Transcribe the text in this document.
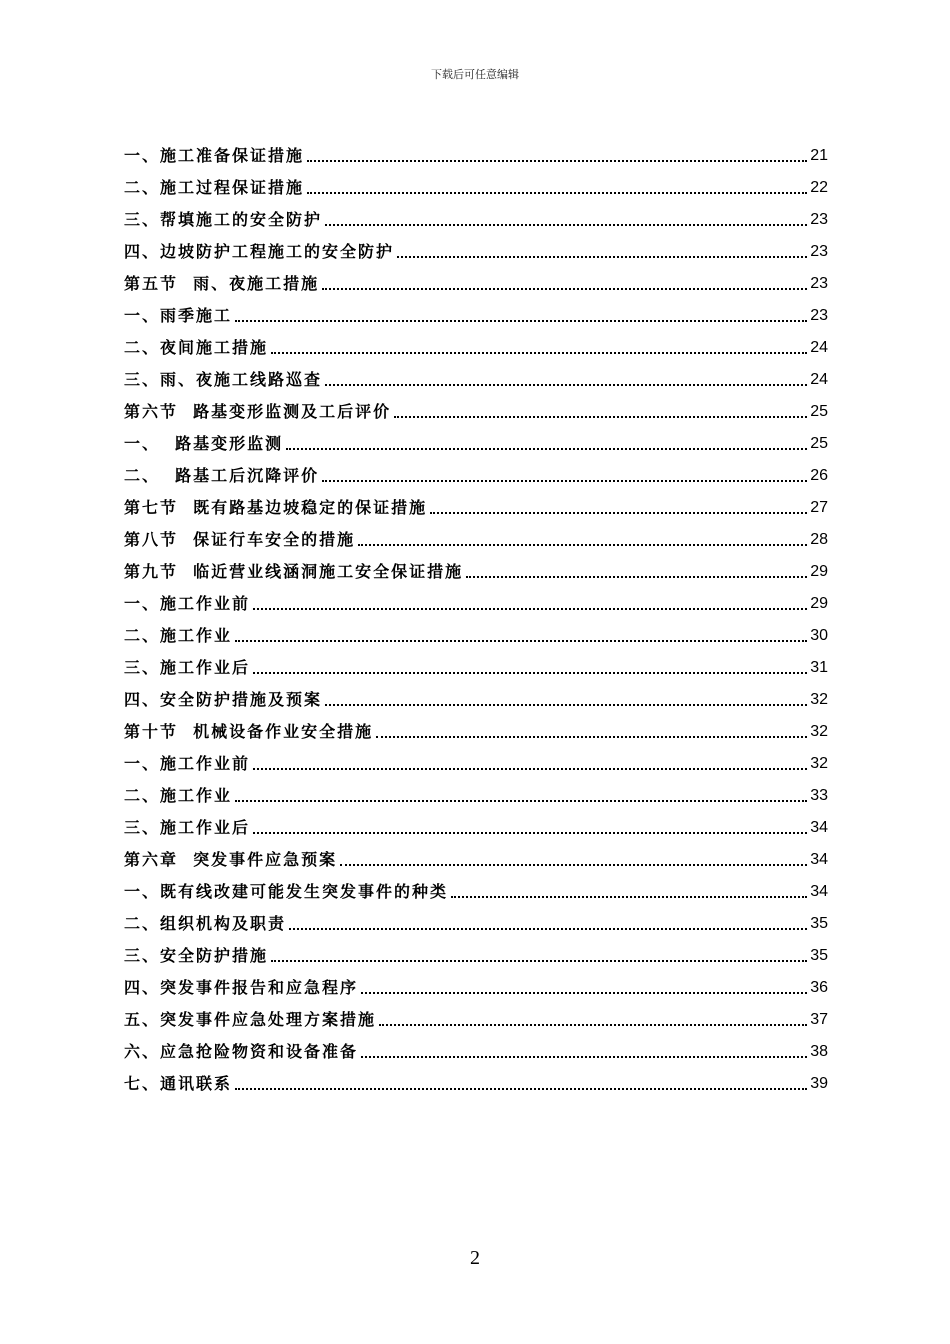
下载后可任意编辑
一、施工准备保证措施	21
二、施工过程保证措施	22
三、帮填施工的安全防护	23
四、边坡防护工程施工的安全防护	23
第五节  雨、夜施工措施	23
一、雨季施工	23
二、夜间施工措施	24
三、雨、夜施工线路巡查	24
第六节  路基变形监测及工后评价	25
一、  路基变形监测	25
二、  路基工后沉降评价	26
第七节  既有路基边坡稳定的保证措施	27
第八节  保证行车安全的措施	28
第九节  临近营业线涵洞施工安全保证措施	29
一、施工作业前	29
二、施工作业	30
三、施工作业后	31
四、安全防护措施及预案	32
第十节  机械设备作业安全措施	32
一、施工作业前	32
二、施工作业	33
三、施工作业后	34
第六章  突发事件应急预案	34
一、既有线改建可能发生突发事件的种类	34
二、组织机构及职责	35
三、安全防护措施	35
四、突发事件报告和应急程序	36
五、突发事件应急处理方案措施	37
六、应急抢险物资和设备准备	38
七、通讯联系	39
2
